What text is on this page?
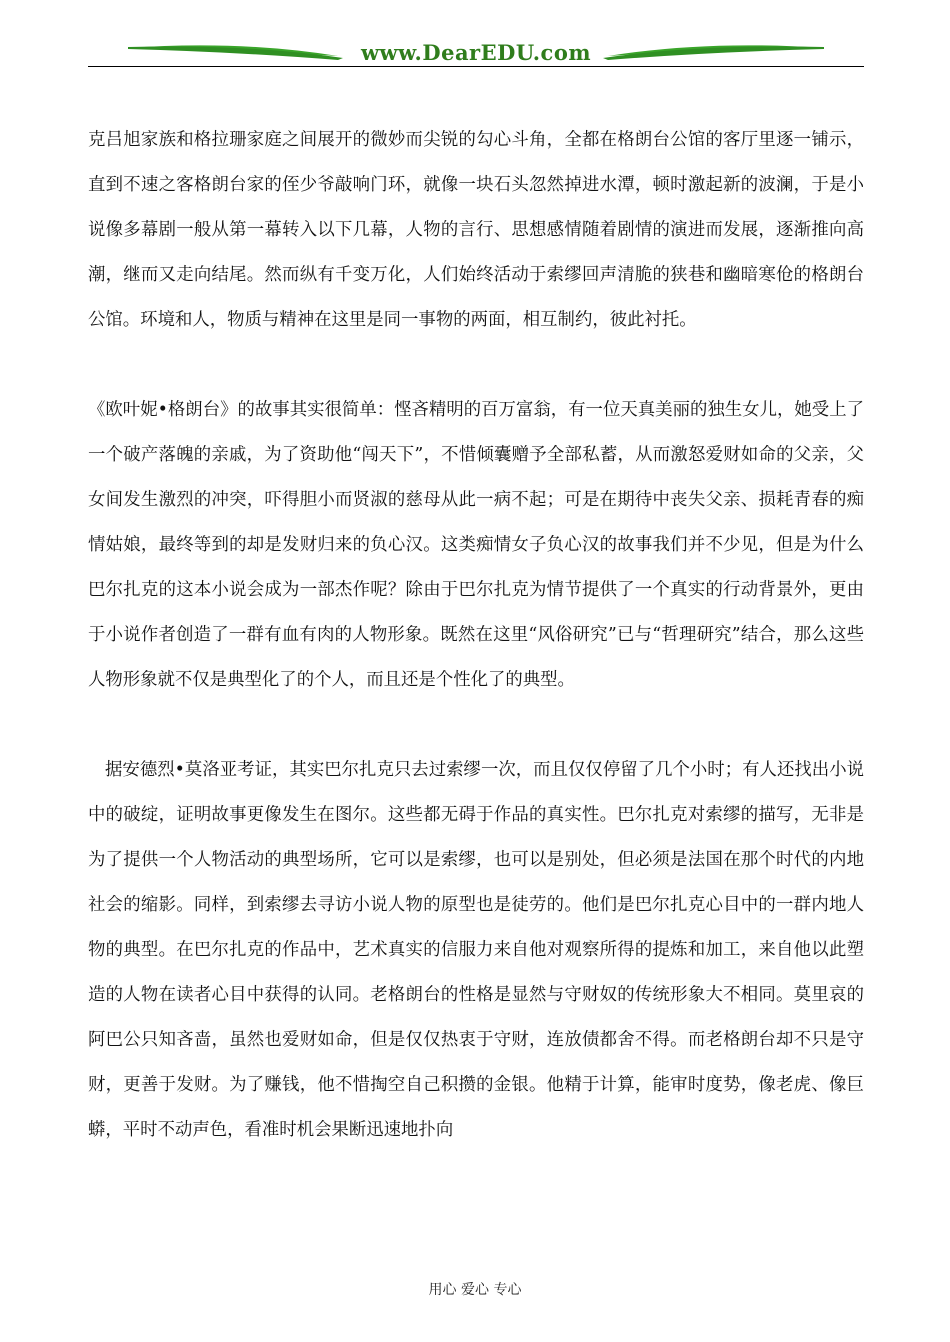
www.DearEDU.com

克吕旭家族和格拉珊家庭之间展开的微妙而尖锐的勾心斗角，全都在格朗台公馆的客厅里逐一铺示，直到不速之客格朗台家的侄少爷敲响门环，就像一块石头忽然掉进水潭，顿时激起新的波澜，于是小说像多幕剧一般从第一幕转入以下几幕，人物的言行、思想感情随着剧情的演进而发展，逐渐推向高潮，继而又走向结尾。然而纵有千变万化，人们始终活动于索缪回声清脆的狭巷和幽暗寒伧的格朗台公馆。环境和人，物质与精神在这里是同一事物的两面，相互制约，彼此衬托。

《欧叶妮•格朗台》的故事其实很简单：悭吝精明的百万富翁，有一位天真美丽的独生女儿，她受上了一个破产落魄的亲戚，为了资助他“闯天下”，不惜倾囊赠予全部私蓄，从而激怒爱财如命的父亲，父女间发生激烈的冲突，吓得胆小而贤淑的慈母从此一病不起；可是在期待中丧失父亲、损耗青春的痴情姑娘，最终等到的却是发财归来的负心汉。这类痴情女子负心汉的故事我们并不少见，但是为什么巴尔扎克的这本小说会成为一部杰作呢？除由于巴尔扎克为情节提供了一个真实的行动背景外，更由于小说作者创造了一群有血有肉的人物形象。既然在这里“风俗研究”已与“哲理研究”结合，那么这些人物形象就不仅是典型化了的个人，而且还是个性化了的典型。

据安德烈•莫洛亚考证，其实巴尔扎克只去过索缪一次，而且仅仅停留了几个小时；有人还找出小说中的破绽，证明故事更像发生在图尔。这些都无碍于作品的真实性。巴尔扎克对索缪的描写，无非是为了提供一个人物活动的典型场所，它可以是索缪，也可以是别处，但必须是法国在那个时代的内地社会的缩影。同样，到索缪去寻访小说人物的原型也是徒劳的。他们是巴尔扎克心目中的一群内地人物的典型。在巴尔扎克的作品中，艺术真实的信服力来自他对观察所得的提炼和加工，来自他以此塑造的人物在读者心目中获得的认同。老格朗台的性格是显然与守财奴的传统形象大不相同。莫里哀的阿巴公只知吝啬，虽然也爱财如命，但是仅仅热衷于守财，连放债都舍不得。而老格朗台却不只是守财，更善于发财。为了赚钱，他不惜掏空自己积攒的金银。他精于计算，能审时度势，像老虎、像巨蟒，平时不动声色，看准时机会果断迅速地扑向

用心 爱心 专心
